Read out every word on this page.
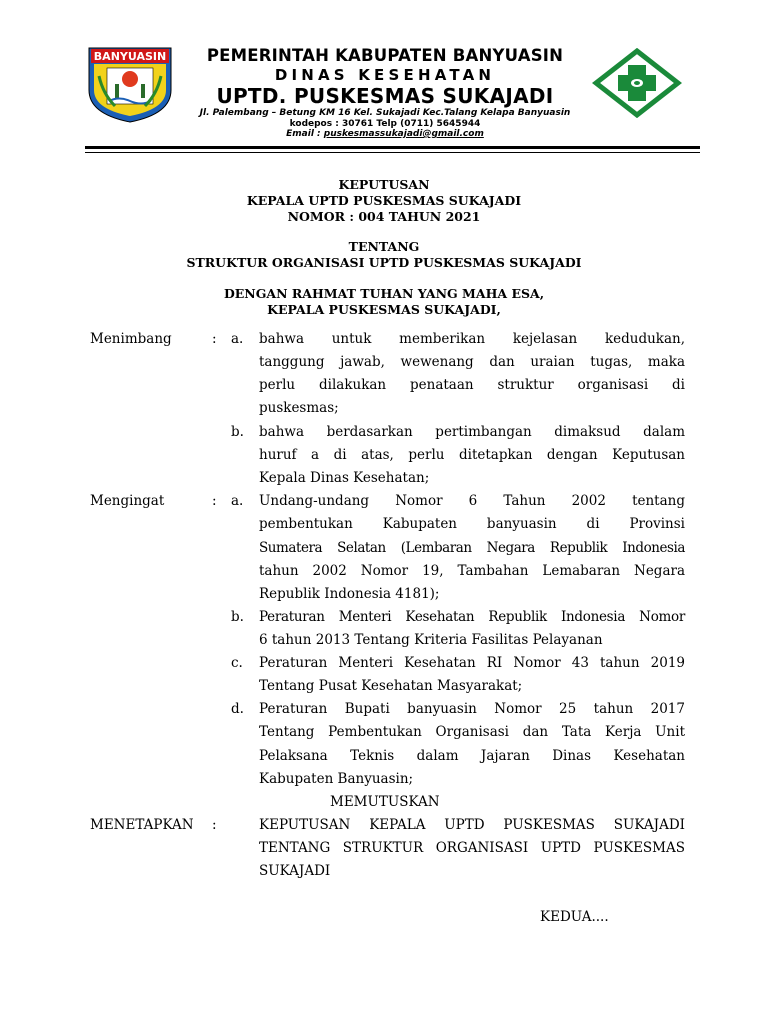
BANYUASIN	PEMERINTAH KABUPATEN BANYUASIN
DINAS KESEHATAN
UPTD. PUSKESMAS SUKAJADI
Jl. Palembang – Betung KM 16 Kel. Sukajadi Kec.Talang Kelapa Banyuasin
kodepos : 30761 Telp (0711) 5645944
Email : puskesmassukajadi@gmail.com
KEPUTUSAN
KEPALA UPTD PUSKESMAS SUKAJADI
NOMOR : 004 TAHUN 2021
TENTANG
STRUKTUR ORGANISASI UPTD PUSKESMAS SUKAJADI
DENGAN RAHMAT TUHAN YANG MAHA ESA,
KEPALA PUSKESMAS SUKAJADI,
Menimbang	: a. bahwa untuk memberikan kejelasan kedudukan,
tanggung jawab, wewenang dan uraian tugas, maka
perlu dilakukan penataan struktur organisasi di
puskesmas;
b. bahwa berdasarkan pertimbangan dimaksud dalam
huruf a di atas, perlu ditetapkan dengan Keputusan
Kepala Dinas Kesehatan;
Mengingat	: a. Undang-undang Nomor 6 Tahun 2002 tentang
pembentukan Kabupaten banyuasin di Provinsi
Sumatera Selatan (Lembaran Negara Republik Indonesia
tahun 2002 Nomor 19, Tambahan Lemabaran Negara
Republik Indonesia 4181);
b. Peraturan Menteri Kesehatan Republik Indonesia Nomor
6 tahun 2013 Tentang Kriteria Fasilitas Pelayanan
c. Peraturan Menteri Kesehatan RI Nomor 43 tahun 2019
Tentang Pusat Kesehatan Masyarakat;
d. Peraturan Bupati banyuasin Nomor 25 tahun 2017
Tentang Pembentukan Organisasi dan Tata Kerja Unit
Pelaksana Teknis dalam Jajaran Dinas Kesehatan
Kabupaten Banyuasin;
MEMUTUSKAN
MENETAPKAN :	KEPUTUSAN KEPALA UPTD PUSKESMAS SUKAJADI
TENTANG STRUKTUR ORGANISASI UPTD PUSKESMAS
SUKAJADI
KEDUA....
